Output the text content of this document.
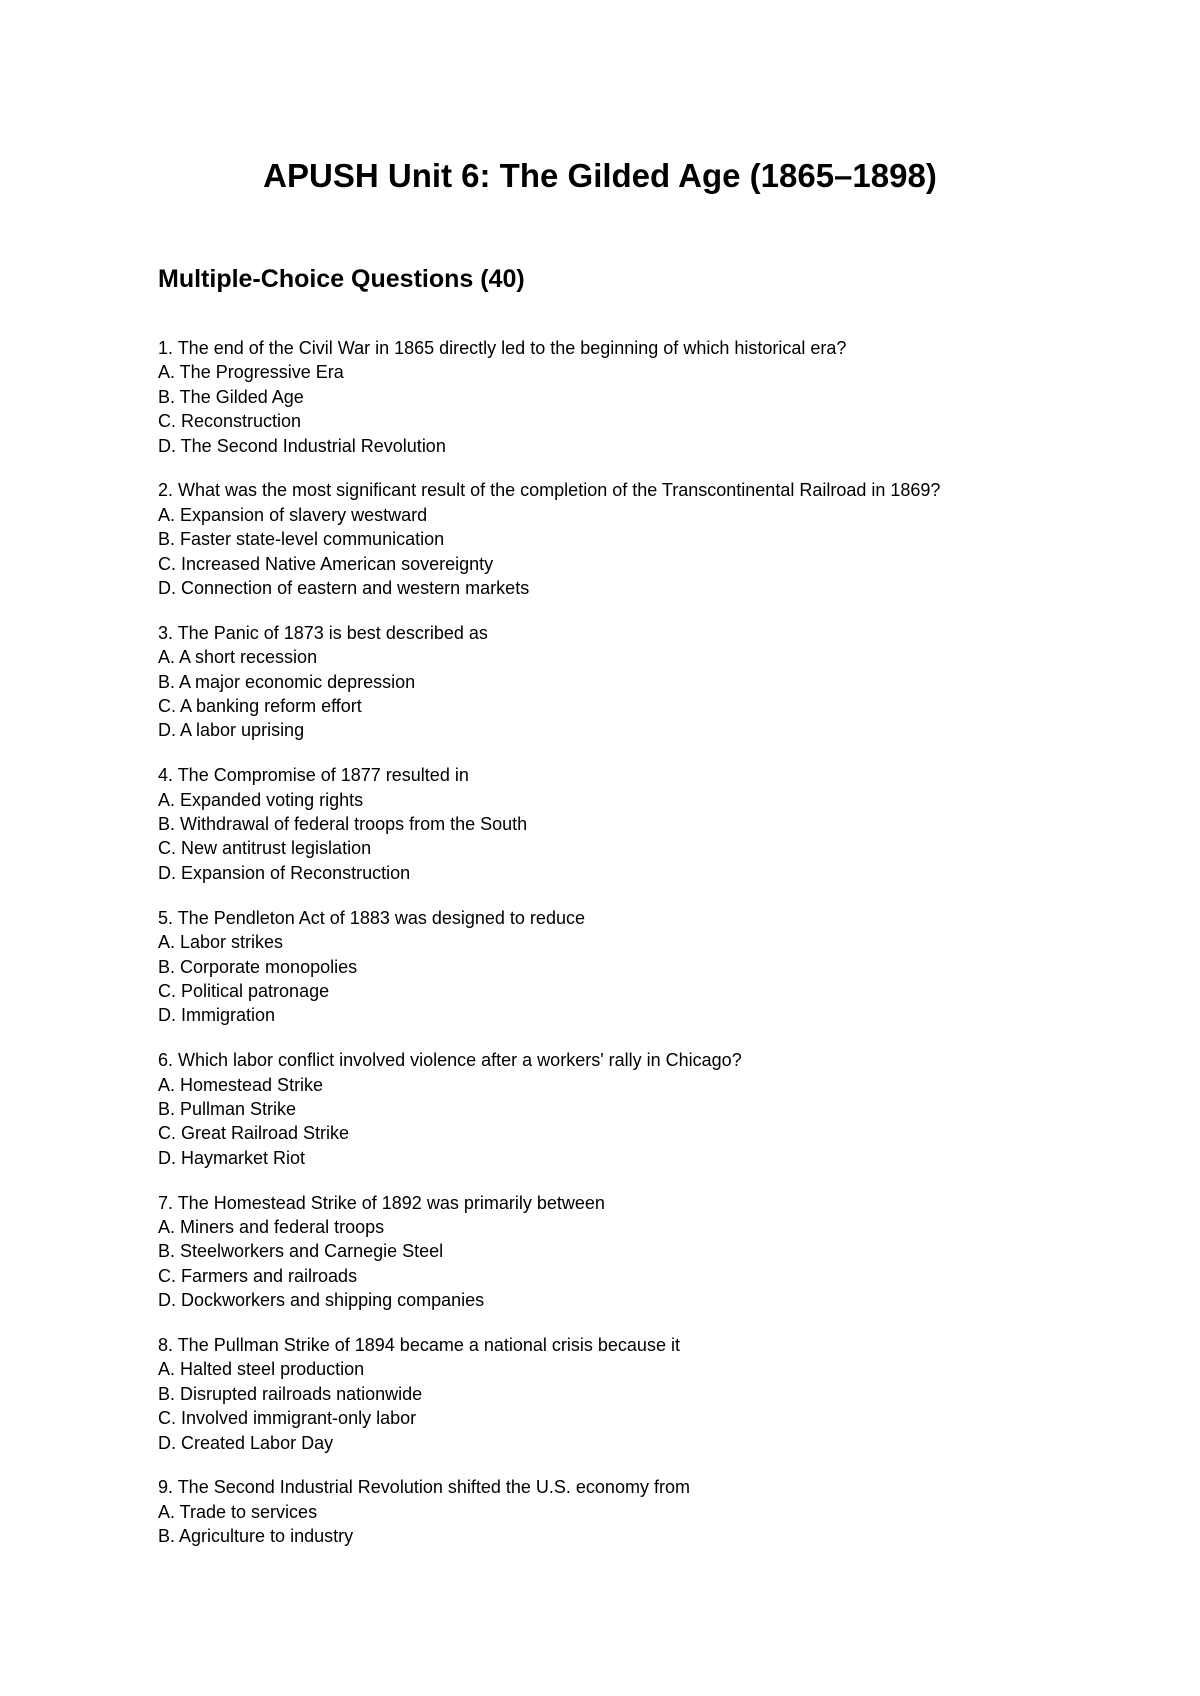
APUSH Unit 6: The Gilded Age (1865–1898)
Multiple-Choice Questions (40)
1. The end of the Civil War in 1865 directly led to the beginning of which historical era?
A. The Progressive Era
B. The Gilded Age
C. Reconstruction
D. The Second Industrial Revolution
2. What was the most significant result of the completion of the Transcontinental Railroad in 1869?
A. Expansion of slavery westward
B. Faster state-level communication
C. Increased Native American sovereignty
D. Connection of eastern and western markets
3. The Panic of 1873 is best described as
A. A short recession
B. A major economic depression
C. A banking reform effort
D. A labor uprising
4. The Compromise of 1877 resulted in
A. Expanded voting rights
B. Withdrawal of federal troops from the South
C. New antitrust legislation
D. Expansion of Reconstruction
5. The Pendleton Act of 1883 was designed to reduce
A. Labor strikes
B. Corporate monopolies
C. Political patronage
D. Immigration
6. Which labor conflict involved violence after a workers' rally in Chicago?
A. Homestead Strike
B. Pullman Strike
C. Great Railroad Strike
D. Haymarket Riot
7. The Homestead Strike of 1892 was primarily between
A. Miners and federal troops
B. Steelworkers and Carnegie Steel
C. Farmers and railroads
D. Dockworkers and shipping companies
8. The Pullman Strike of 1894 became a national crisis because it
A. Halted steel production
B. Disrupted railroads nationwide
C. Involved immigrant-only labor
D. Created Labor Day
9. The Second Industrial Revolution shifted the U.S. economy from
A. Trade to services
B. Agriculture to industry
